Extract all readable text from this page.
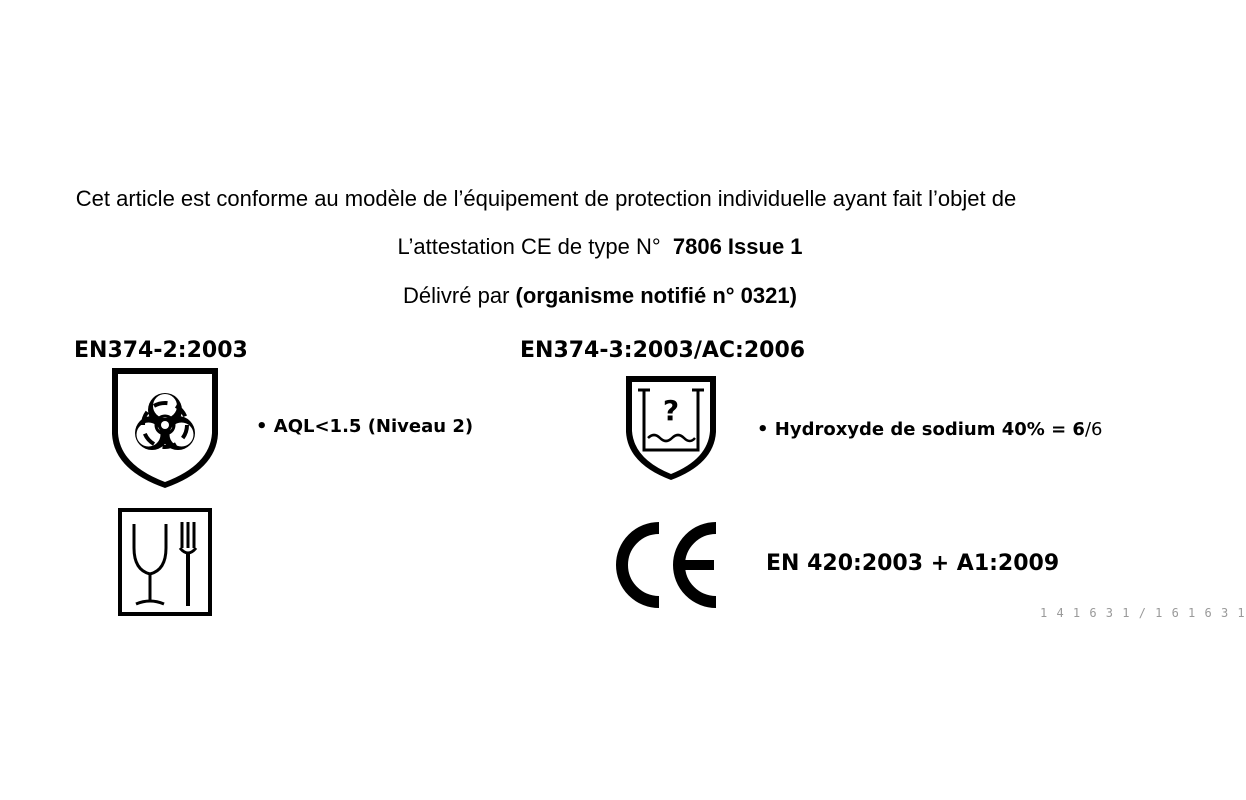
Cet article est conforme au modèle de l’équipement de protection individuelle ayant fait l’objet de
L’attestation CE de type N° 7806 Issue 1
Délivré par (organisme notifié n° 0321)
EN374-2:2003	EN374-3:2003/AC:2006
• AQL<1.5 (Niveau 2)	?
• Hydroxyde de sodium 40% = 6/6
EN 420:2003 + A1:2009
1 4 1 6 3 1 / 1 6 1 6 3 1
